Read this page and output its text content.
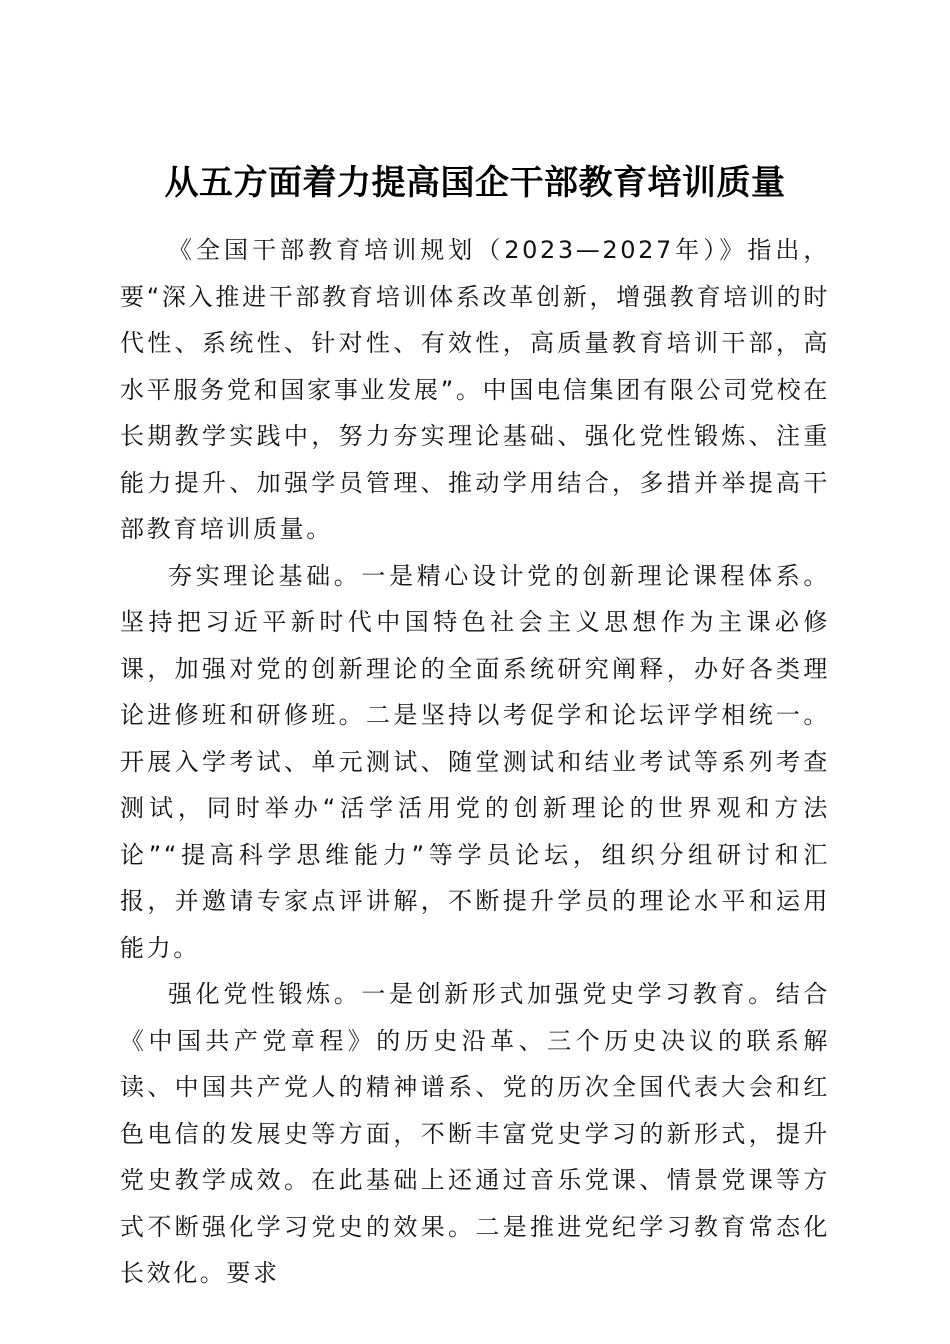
从五方面着力提高国企干部教育培训质量

《全国干部教育培训规划（2023—2027年）》指出，要“深入推进干部教育培训体系改革创新，增强教育培训的时代性、系统性、针对性、有效性，高质量教育培训干部，高水平服务党和国家事业发展”。中国电信集团有限公司党校在长期教学实践中，努力夯实理论基础、强化党性锻炼、注重能力提升、加强学员管理、推动学用结合，多措并举提高干部教育培训质量。

夯实理论基础。一是精心设计党的创新理论课程体系。坚持把习近平新时代中国特色社会主义思想作为主课必修课，加强对党的创新理论的全面系统研究阐释，办好各类理论进修班和研修班。二是坚持以考促学和论坛评学相统一。开展入学考试、单元测试、随堂测试和结业考试等系列考查测试，同时举办“活学活用党的创新理论的世界观和方法论”“提高科学思维能力”等学员论坛，组织分组研讨和汇报，并邀请专家点评讲解，不断提升学员的理论水平和运用能力。

强化党性锻炼。一是创新形式加强党史学习教育。结合《中国共产党章程》的历史沿革、三个历史决议的联系解读、中国共产党人的精神谱系、党的历次全国代表大会和红色电信的发展史等方面，不断丰富党史学习的新形式，提升党史教学成效。在此基础上还通过音乐党课、情景党课等方式不断强化学习党史的效果。二是推进党纪学习教育常态化长效化。要求
